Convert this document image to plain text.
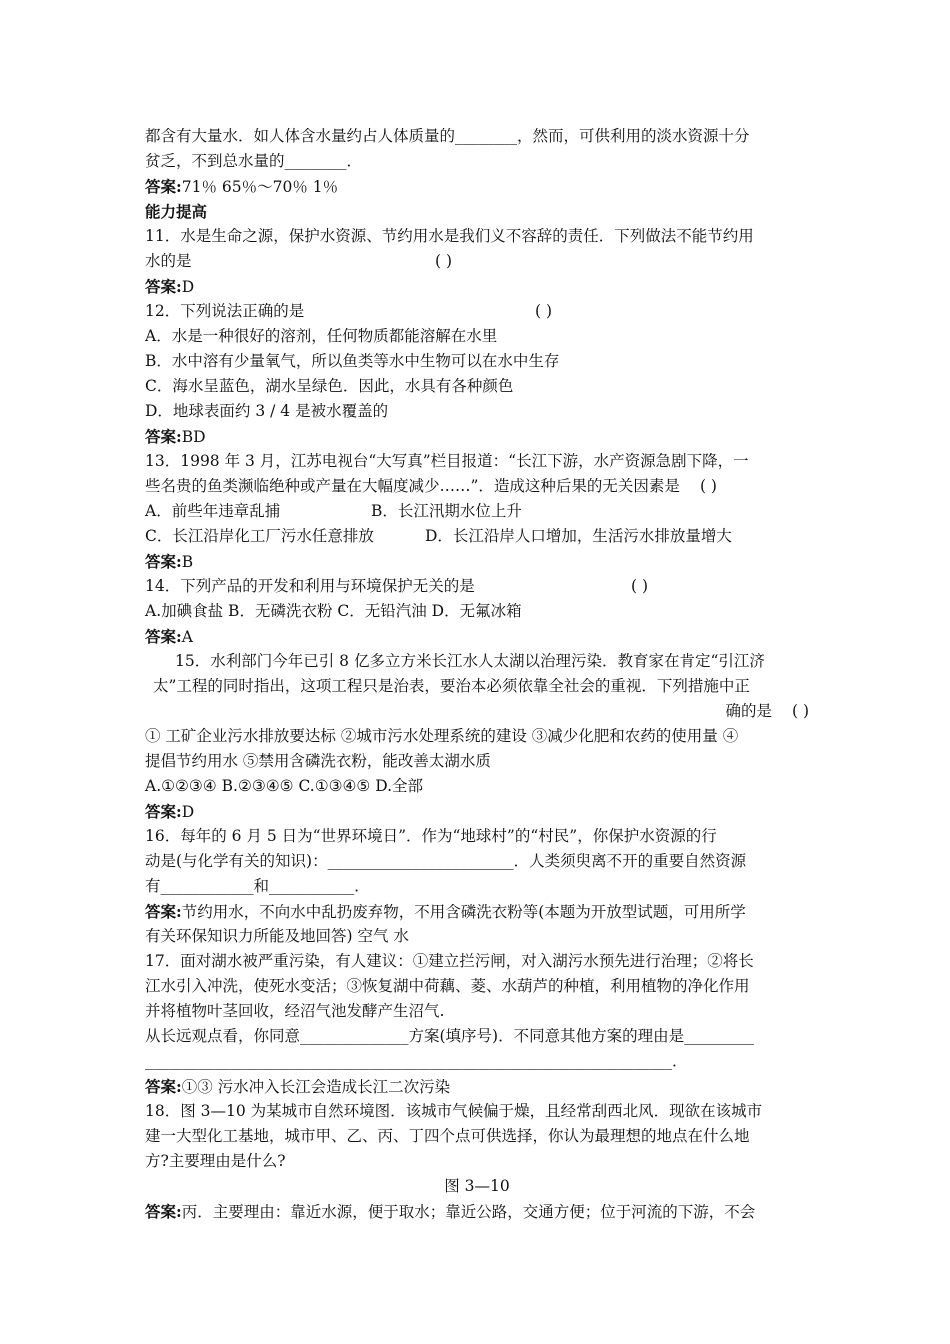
都含有大量水．如人体含水量约占人体质量的________，然而，可供利用的淡水资源十分
贫乏，不到总水量的________．
答案:71％ 65％～70％ 1％
能力提高
11．水是生命之源，保护水资源、节约用水是我们义不容辞的责任．下列做法不能节约用
水的是	( )
答案:D
12．下列说法正确的是	( )
A．水是一种很好的溶剂，任何物质都能溶解在水里
B．水中溶有少量氧气，所以鱼类等水中生物可以在水中生存
C．海水呈蓝色，湖水呈绿色．因此，水具有各种颜色
D．地球表面约 3 / 4 是被水覆盖的
答案:BD
13．1998 年 3 月，江苏电视台“大写真”栏目报道：“长江下游，水产资源急剧下降，一
些名贵的鱼类濒临绝种或产量在大幅度减少……”．造成这种后果的无关因素是 ( )
A．前些年违章乱捕	B．长江汛期水位上升
C．长江沿岸化工厂污水任意排放	D．长江沿岸人口增加，生活污水排放量增大
答案:B
14．下列产品的开发和利用与环境保护无关的是	( )
A.加碘食盐 B．无磷洗衣粉 C．无铅汽油 D．无氟冰箱
答案:A
15．水利部门今年已引 8 亿多立方米长江水人太湖以治理污染．教育家在肯定“引江济
太”工程的同时指出，这项工程只是治表，要治本必须依靠全社会的重视．下列措施中正
确的是 ( )
① 工矿企业污水排放要达标 ②城市污水处理系统的建设 ③减少化肥和农药的使用量 ④
提倡节约用水 ⑤禁用含磷洗衣粉，能改善太湖水质
A.①②③④ B.②③④⑤ C.①③④⑤ D.全部
答案:D
16．每年的 6 月 5 日为“世界环境日”．作为“地球村”的“村民”，你保护水资源的行
动是(与化学有关的知识)：________________________．人类须臾离不开的重要自然资源
有____________和___________．
答案:节约用水，不向水中乱扔废弃物，不用含磷洗衣粉等(本题为开放型试题，可用所学
有关环保知识力所能及地回答) 空气 水
17．面对湖水被严重污染，有人建议：①建立拦污闸，对入湖污水预先进行治理；②将长
江水引入冲洗，使死水变活；③恢复湖中荷藕、菱、水葫芦的种植，利用植物的净化作用
并将植物叶茎回收，经沼气池发酵产生沼气.
从长远观点看，你同意______________方案(填序号)．不同意其他方案的理由是_________
____________________________________________________________________．
答案:①③ 污水冲入长江会造成长江二次污染
18．图 3—10 为某城市自然环境图．该城市气候偏于燥，且经常刮西北风．现欲在该城市
建一大型化工基地，城市甲、乙、丙、丁四个点可供选择，你认为最理想的地点在什么地
方?主要理由是什么?
图 3—10
答案:丙．主要理由：靠近水源，便于取水；靠近公路，交通方便；位于河流的下游，不会
